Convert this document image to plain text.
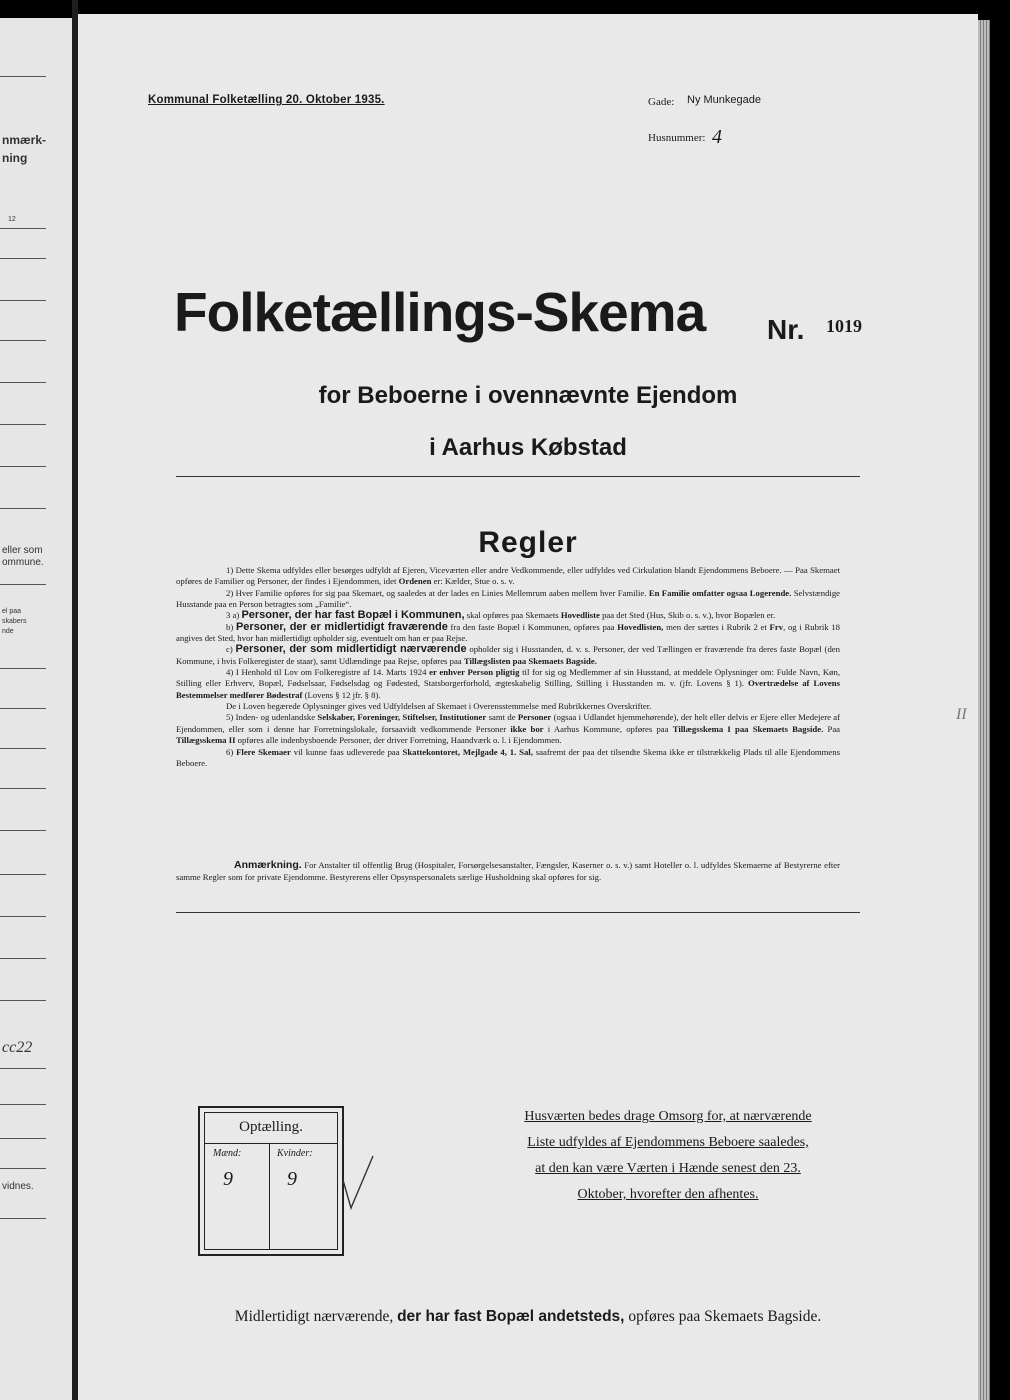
nmærk-
ning
12
eller som
ommune.
el paa
skabers
nde
cc22
vidnes.
Kommunal Folketælling 20. Oktober 1935.	Gade: Ny Munkegade
Husnummer: 4
Folketællings-Skema Nr. 1019
for Beboerne i ovennævnte Ejendom
i Aarhus Købstad
Regler

1) Dette Skema udfyldes eller besørges udfyldt af Ejeren, Viceværten eller andre Vedkommende, eller udfyldes ved Cirkulation blandt Ejendommens Beboere. — Paa Skemaet opføres de Familier og Personer, der findes i Ejendommen, idet Ordenen er: Kælder, Stue o. s. v.

2) Hver Familie opføres for sig paa Skemaet, og saaledes at der lades en Linies Mellemrum aaben mellem hver Familie. En Familie omfatter ogsaa Logerende. Selvstændige Husstande paa en Person betragtes som „Familie“.

3 a) Personer, der har fast Bopæl i Kommunen, skal opføres paa Skemaets Hovedliste paa det Sted (Hus, Skib o. s. v.), hvor Bopælen er.

b) Personer, der er midlertidigt fraværende fra den faste Bopæl i Kommunen, opføres paa Hovedlisten, men der sættes i Rubrik 2 et Frv, og i Rubrik 18 angives det Sted, hvor han midlertidigt opholder sig, eventuelt om han er paa Rejse.

c) Personer, der som midlertidigt nærværende opholder sig i Husstanden, d. v. s. Personer, der ved Tællingen er fraværende fra deres faste Bopæl (den Kommune, i hvis Folkeregister de staar), samt Udlændinge paa Rejse, opføres paa Tillægslisten paa Skemaets Bagside.

4) I Henhold til Lov om Folkeregistre af 14. Marts 1924 er enhver Person pligtig til for sig og Medlemmer af sin Husstand, at meddele Oplysninger om: Fulde Navn, Køn, Stilling eller Erhverv, Bopæl, Fødselsaar, Fødselsdag og Fødested, Statsborgerforhold, ægteskabelig Stilling, Stilling i Husstanden m. v. (jfr. Lovens § 1). Overtrædelse af Lovens Bestemmelser medfører Bødestraf (Lovens § 12 jfr. § 8).

De i Loven begærede Oplysninger gives ved Udfyldelsen af Skemaet i Overensstemmelse med Rubrikkernes Overskrifter.

5) Inden- og udenlandske Selskaber, Foreninger, Stiftelser, Institutioner samt de Personer (ogsaa i Udlandet hjemmehørende), der helt eller delvis er Ejere eller Medejere af Ejendommen, eller som i denne har Forretningslokale, forsaavidt vedkommende Personer ikke bor i Aarhus Kommune, opføres paa Tillægsskema I paa Skemaets Bagside. Paa Tillægsskema II opføres alle indenbysboende Personer, der driver Forretning, Haandværk o. l. i Ejendommen.

6) Flere Skemaer vil kunne faas udleverede paa Skattekontoret, Mejlgade 4, 1. Sal, saafremt der paa det tilsendte Skema ikke er tilstrækkelig Plads til alle Ejendommens Beboere.

Anmærkning. For Anstalter til offentlig Brug (Hospitaler, Forsørgelsesanstalter, Fængsler, Kaserner o. s. v.) samt Hoteller o. l. udfyldes Skemaerne af Bestyrerne efter samme Regler som for private Ejendomme. Bestyrerens eller Opsynspersonalets særlige Husholdning skal opføres for sig.

Optælling.
Mænd:	Kvinder:
9	9
Husværten bedes drage Omsorg for, at nærværende
Liste udfyldes af Ejendommens Beboere saaledes,
at den kan være Værten i Hænde senest den 23.
Oktober, hvorefter den afhentes.
Midlertidigt nærværende, der har fast Bopæl andetsteds, opføres paa Skemaets Bagside.
II
